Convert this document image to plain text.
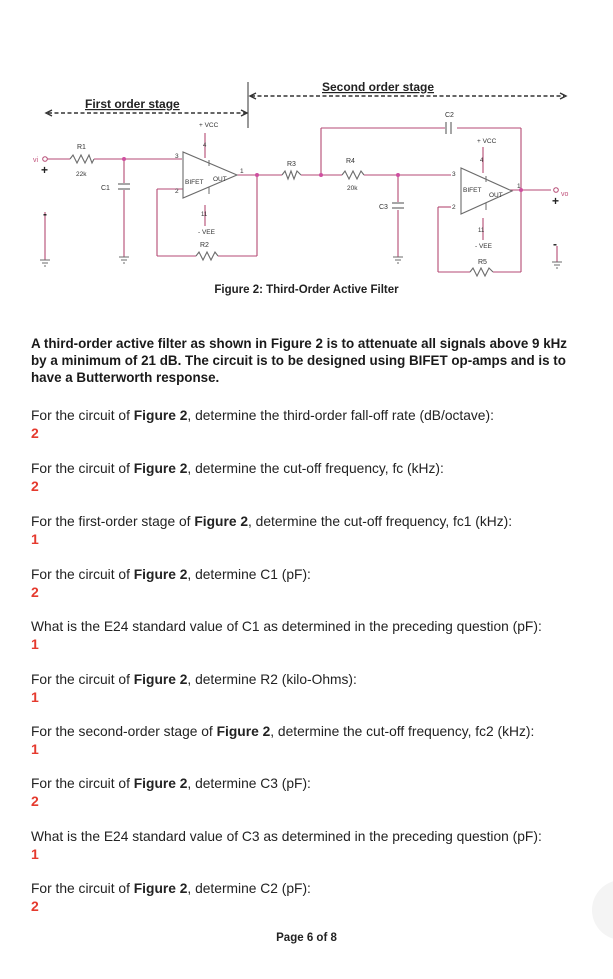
First order stage
Second order stage
vi
+
-
vo
+
-
R1
22k
R2
R3	R4
20k
R5
C1
C2
C3
BIFET OUT
3
2
1
4
11
+ VCC
- VEE
BIFET
OUT
3
2
1
4
11
+ VCC
- VEE
Figure 2: Third-Order Active Filter
A third-order active filter as shown in Figure 2 is to attenuate all signals above 9 kHz by a minimum of 21 dB. The circuit is to be designed using BIFET op-amps and is to have a Butterworth response.
For the circuit of Figure 2, determine the third-order fall-off rate (dB/octave):
2
For the circuit of Figure 2, determine the cut-off frequency, fc (kHz):
2
For the first-order stage of Figure 2, determine the cut-off frequency, fc1 (kHz):
1
For the circuit of Figure 2, determine C1 (pF):
2
What is the E24 standard value of C1 as determined in the preceding question (pF):
1
For the circuit of Figure 2, determine R2 (kilo-Ohms):
1
For the second-order stage of Figure 2, determine the cut-off frequency, fc2 (kHz):
1
For the circuit of Figure 2, determine C3 (pF):
2
What is the E24 standard value of C3 as determined in the preceding question (pF):
1
For the circuit of Figure 2, determine C2 (pF):
2
Page 6 of 8
